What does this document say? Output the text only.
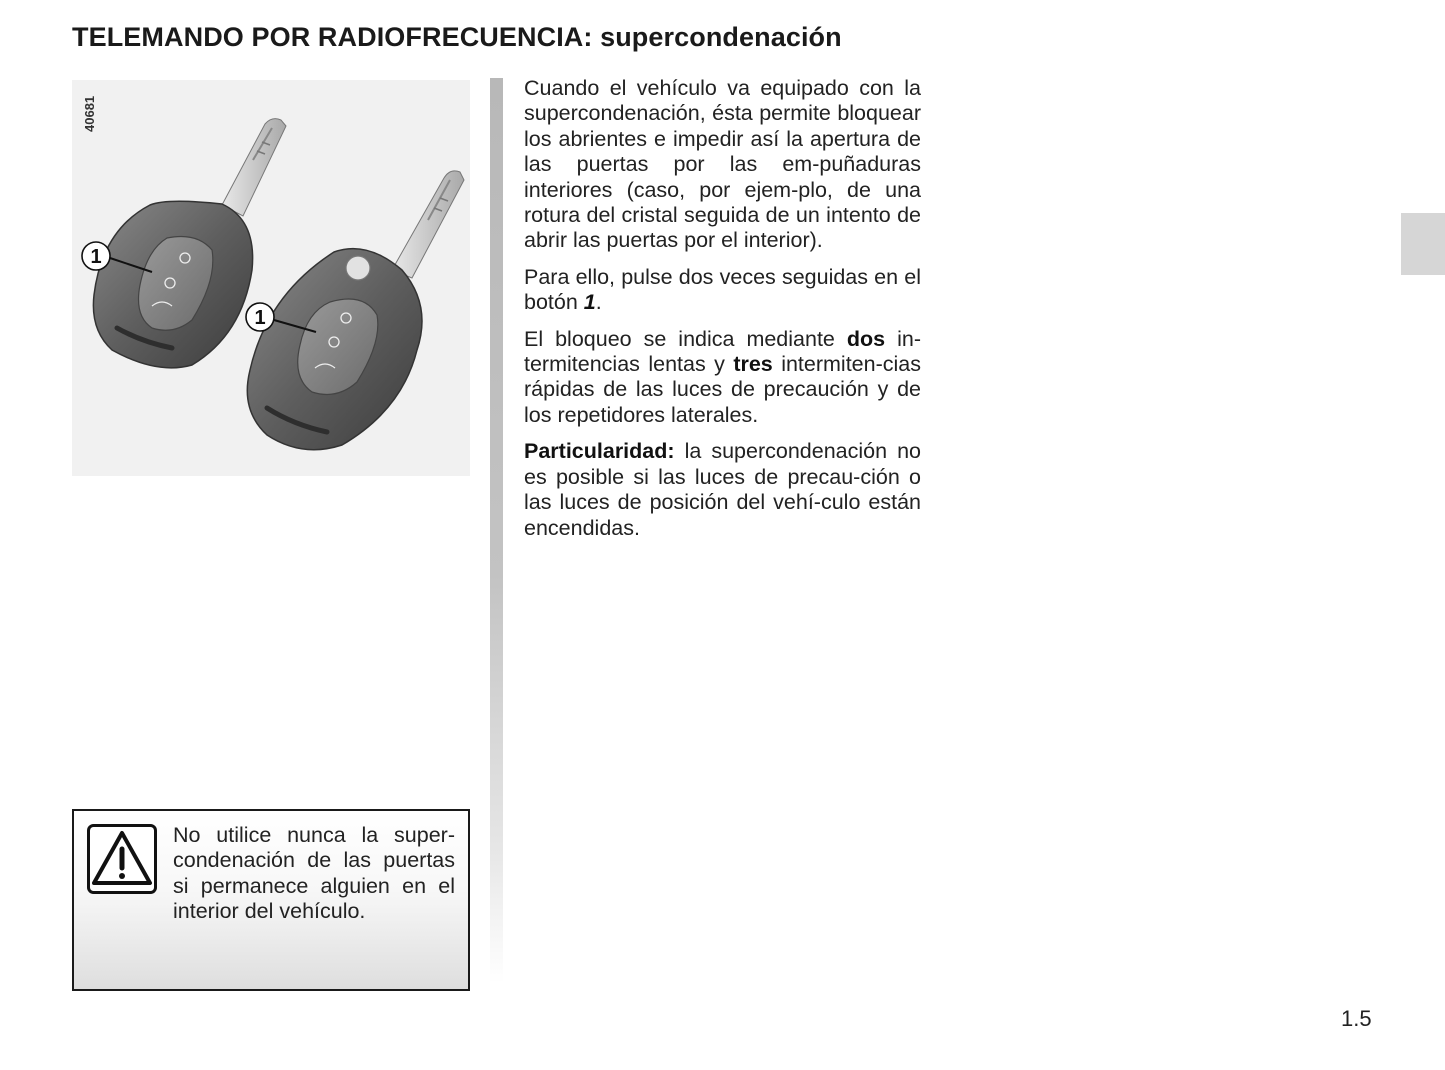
TELEMANDO POR RADIOFRECUENCIA: supercondenación
40681
1
1

Cuando el vehículo va equipado con la supercondenación, ésta permite bloquear los abrientes e impedir así la apertura de las puertas por las em-puñaduras interiores (caso, por ejem-plo, de una rotura del cristal seguida de un intento de abrir las puertas por el interior).

Para ello, pulse dos veces seguidas en el botón 1.

El bloqueo se indica mediante dos in-termitencias lentas y tres intermiten-cias rápidas de las luces de precaución y de los repetidores laterales.

Particularidad: la supercondenación no es posible si las luces de precau-ción o las luces de posición del vehí-culo están encendidas.

No utilice nunca la super-condenación de las puertas si permanece alguien en el interior del vehículo.

1.5
